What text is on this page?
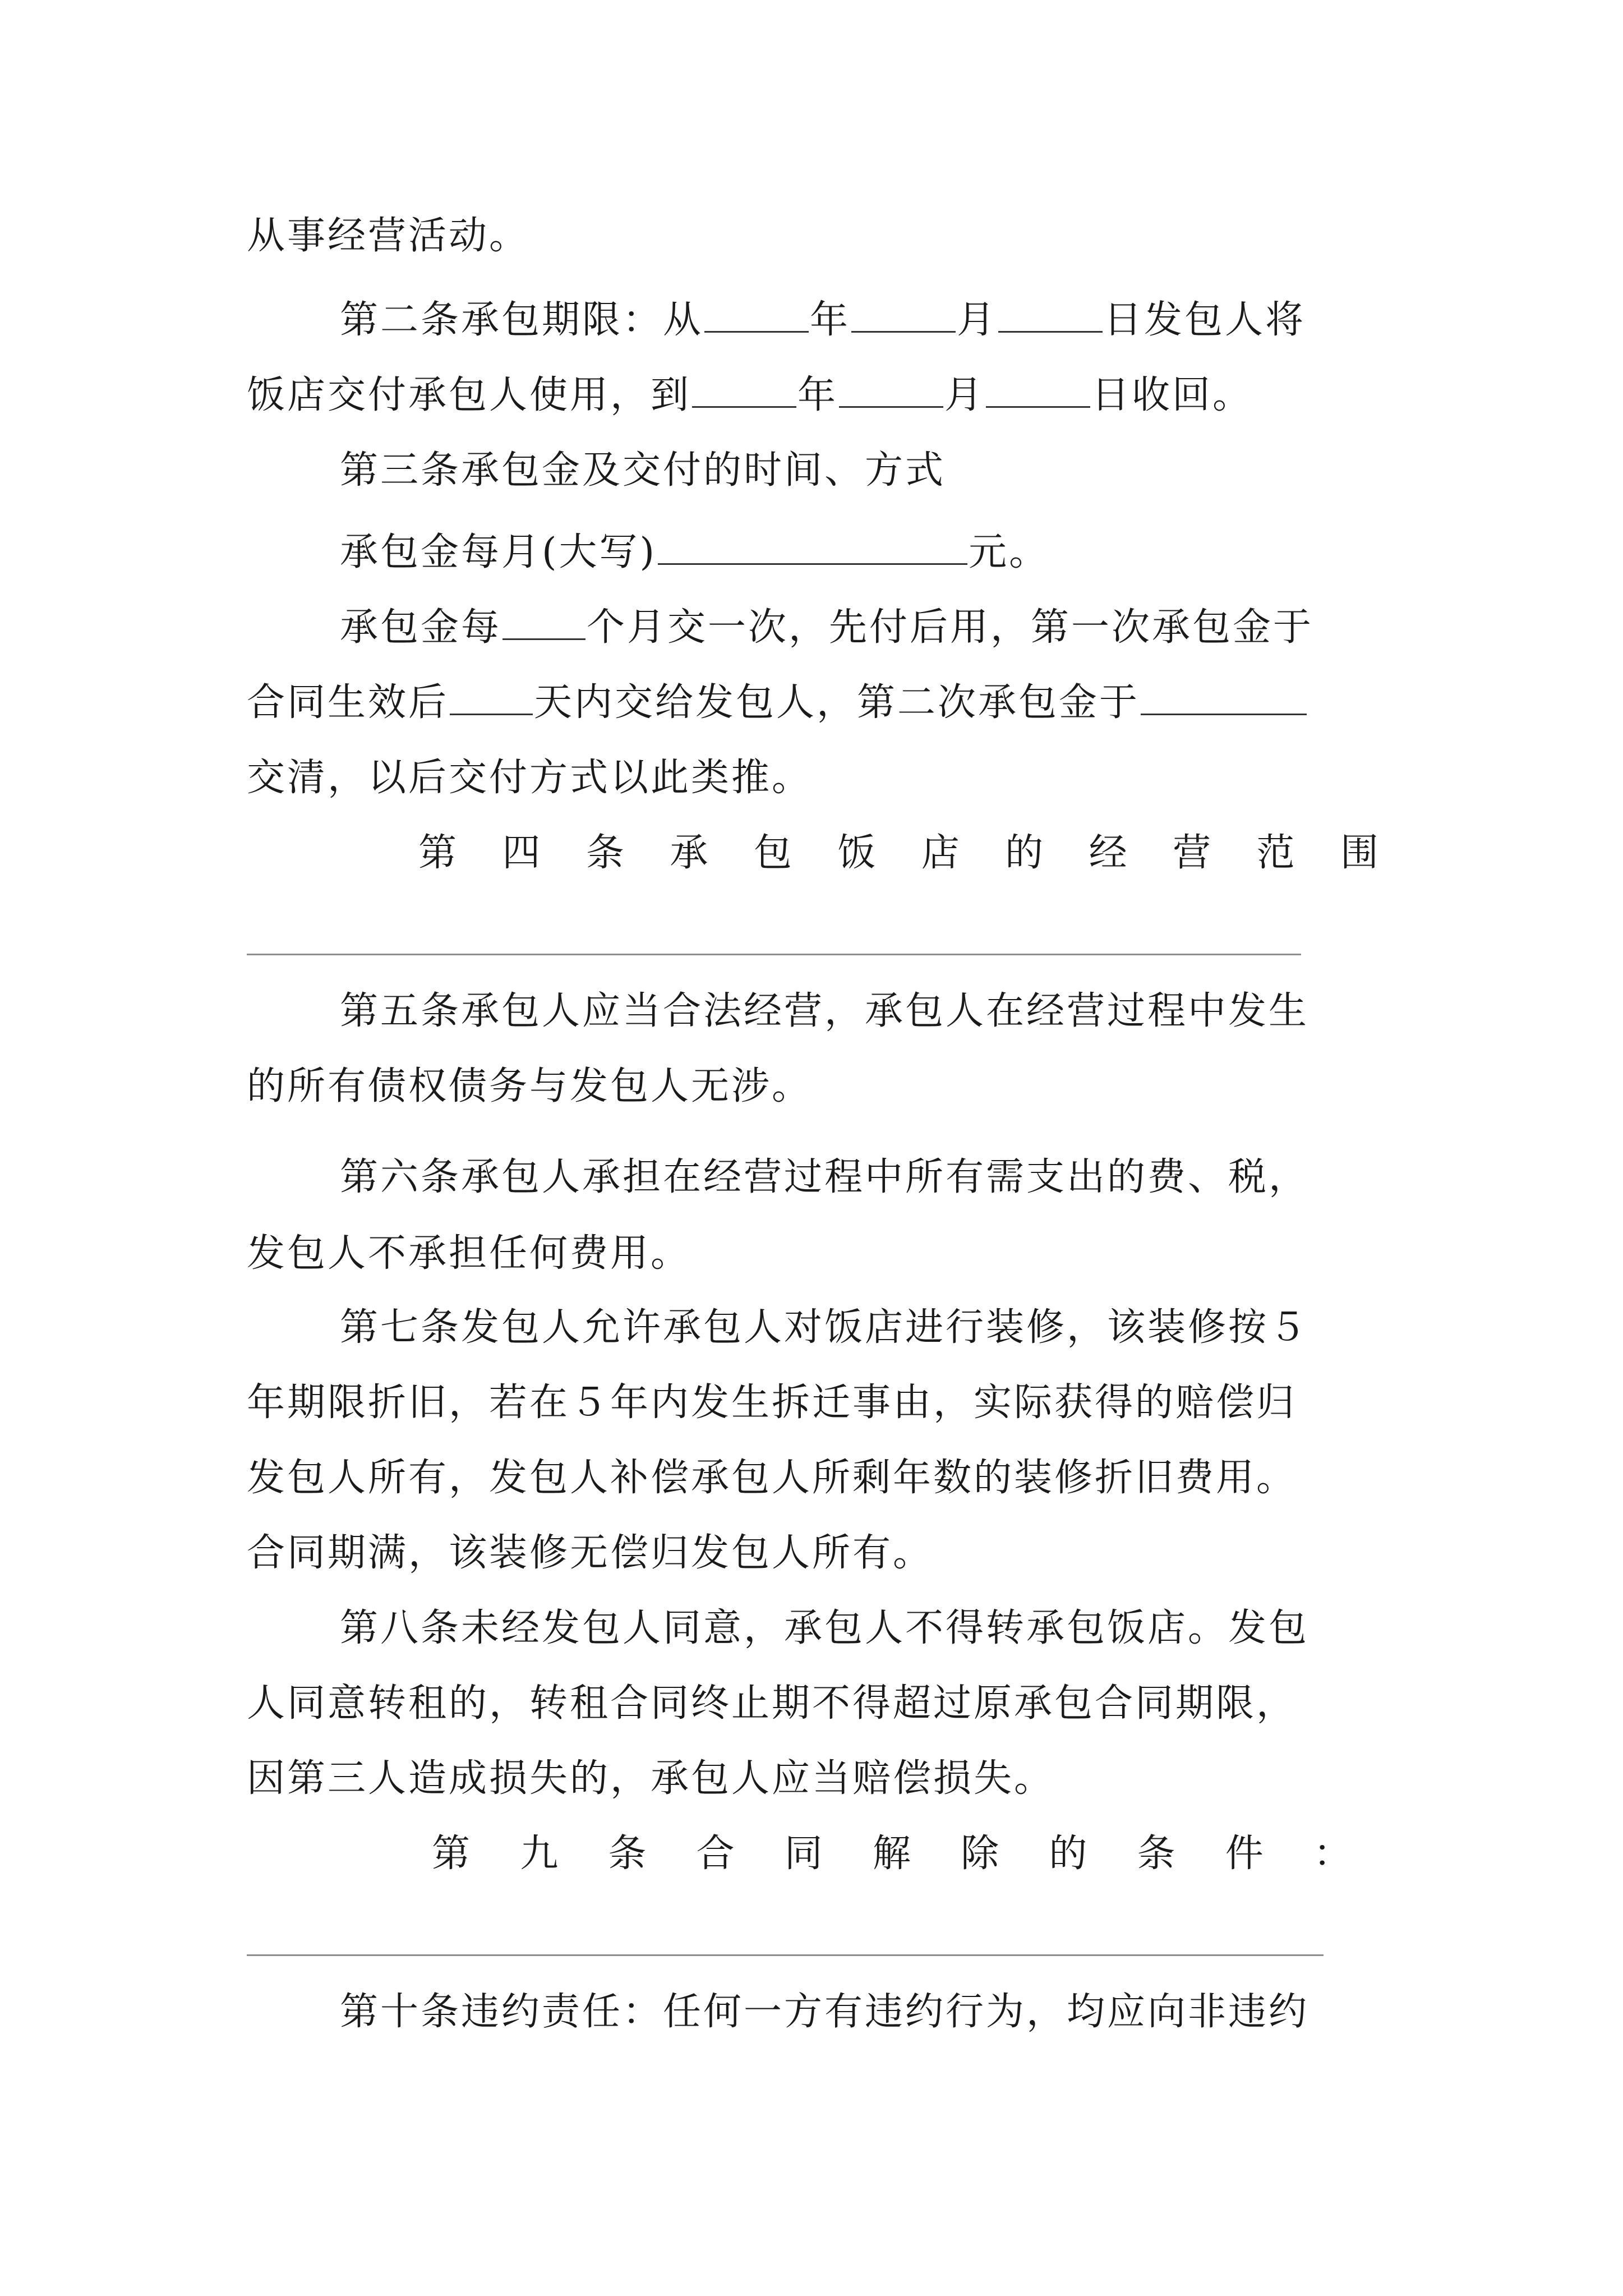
从事经营活动。
第二条承包期限：从	年	月	日发包人将
饭店交付承包人使用，到	年	月	日收回。
第三条承包金及交付的时间、方式
承包金每月(大写)	元。
承包金每 个月交一次，先付后用，第一次承包金于
合同生效后 天内交给发包人，第二次承包金于
交清，以后交付方式以此类推。
第 四 条 承 包 饭 店 的 经 营 范 围
第五条承包人应当合法经营，承包人在经营过程中发生
的所有债权债务与发包人无涉。
第六条承包人承担在经营过程中所有需支出的费、税，
发包人不承担任何费用。
第七条发包人允许承包人对饭店进行装修，该装修按５
年期限折旧，若在５年内发生拆迁事由，实际获得的赔偿归
发包人所有，发包人补偿承包人所剩年数的装修折旧费用。
合同期满，该装修无偿归发包人所有。
第八条未经发包人同意，承包人不得转承包饭店。发包
人同意转租的，转租合同终止期不得超过原承包合同期限，
因第三人造成损失的，承包人应当赔偿损失。
第 九 条 合 同 解 除 的 条 件 ：
第十条违约责任：任何一方有违约行为，均应向非违约
